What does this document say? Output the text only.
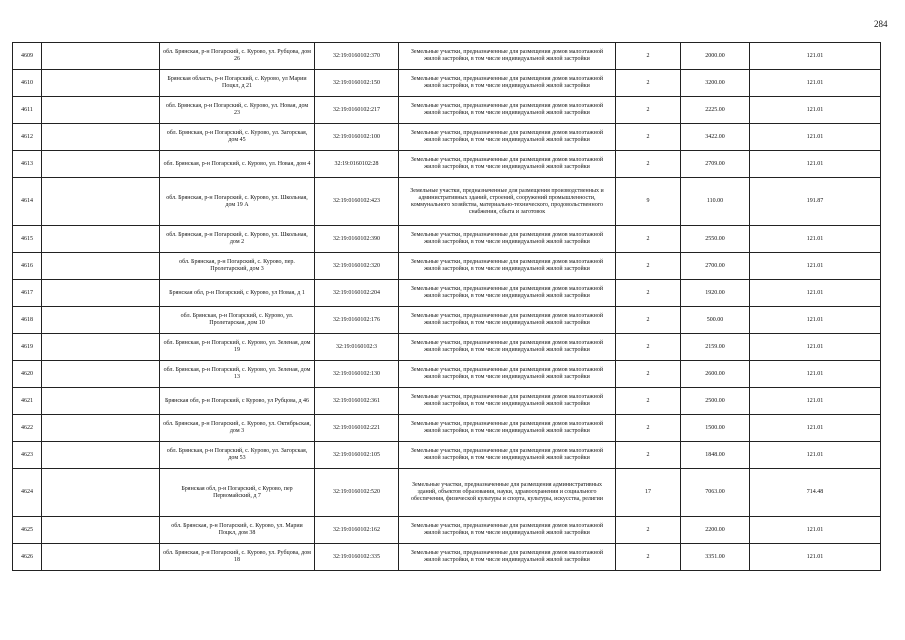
284
4609		обл. Брянская, р-н Погарский, с. Курово, ул. Рубцова, дом 26	32:19:0160102:370	Земельные участки, предназначенные для размещения домов малоэтажной жилой застройки, в том числе индивидуальной жилой застройки	2	2000.00	121.01	
4610		Брянская область, р-н Погарский, с. Курово, ул Марии Поцкл, д 21	32:19:0160102:150	Земельные участки, предназначенные для размещения домов малоэтажной жилой застройки, в том числе индивидуальной жилой застройки	2	3200.00	121.01	
4611		обл. Брянская, р-н Погарский, с. Курово, ул. Новая, дом 23	32:19:0160102:217	Земельные участки, предназначенные для размещения домов малоэтажной жилой застройки, в том числе индивидуальной жилой застройки	2	2225.00	121.01	
4612		обл. Брянская, р-н Погарский, с. Курово, ул. Загорская, дом 45	32:19:0160102:100	Земельные участки, предназначенные для размещения домов малоэтажной жилой застройки, в том числе индивидуальной жилой застройки	2	3422.00	121.01	
4613		обл. Брянская, р-н Погарский, с. Курово, ул. Новая, дом 4	32:19:0160102:28	Земельные участки, предназначенные для размещения домов малоэтажной жилой застройки, в том числе индивидуальной жилой застройки	2	2709.00	121.01	
4614		обл. Брянская, р-н Погарский, с. Курово, ул. Школьная, дом 19 А	32:19:0160102:423	Земельные участки, предназначенные для размещения производственных и административных зданий, строений, сооружений промышленности, коммунального хозяйства, материально-технического, продовольственного снабжения, сбыта и заготовок	9	110.00	191.87	
4615		обл. Брянская, р-н Погарский, с. Курово, ул. Школьная, дом 2	32:19:0160102:390	Земельные участки, предназначенные для размещения домов малоэтажной жилой застройки, в том числе индивидуальной жилой застройки	2	2550.00	121.01	
4616		обл. Брянская, р-н Погарский, с. Курово, пер. Пролетарский, дом 3	32:19:0160102:320	Земельные участки, предназначенные для размещения домов малоэтажной жилой застройки, в том числе индивидуальной жилой застройки	2	2700.00	121.01	
4617		Брянская обл, р-н Погарский, с Курово, ул Новая, д 1	32:19:0160102:204	Земельные участки, предназначенные для размещения домов малоэтажной жилой застройки, в том числе индивидуальной жилой застройки	2	1920.00	121.01	
4618		обл. Брянская, р-н Погарский, с. Курово, ул. Пролетарская, дом 10	32:19:0160102:176	Земельные участки, предназначенные для размещения домов малоэтажной жилой застройки, в том числе индивидуальной жилой застройки	2	500.00	121.01	
4619		обл. Брянская, р-н Погарский, с. Курово, ул. Зеленая, дом 19	32:19:0160102:3	Земельные участки, предназначенные для размещения домов малоэтажной жилой застройки, в том числе индивидуальной жилой застройки	2	2159.00	121.01	
4620		обл. Брянская, р-н Погарский, с. Курово, ул. Зеленая, дом 13	32:19:0160102:130	Земельные участки, предназначенные для размещения домов малоэтажной жилой застройки, в том числе индивидуальной жилой застройки	2	2600.00	121.01	
4621		Брянская обл, р-н Погарский, с Курово, ул Рубцова, д 46	32:19:0160102:361	Земельные участки, предназначенные для размещения домов малоэтажной жилой застройки, в том числе индивидуальной жилой застройки	2	2500.00	121.01	
4622		обл. Брянская, р-н Погарский, с. Курово, ул. Октябрьская, дом 3	32:19:0160102:221	Земельные участки, предназначенные для размещения домов малоэтажной жилой застройки, в том числе индивидуальной жилой застройки	2	1500.00	121.01	
4623		обл. Брянская, р-н Погарский, с. Курово, ул. Загорская, дом 53	32:19:0160102:105	Земельные участки, предназначенные для размещения домов малоэтажной жилой застройки, в том числе индивидуальной жилой застройки	2	1848.00	121.01	
4624		Брянская обл, р-н Погарский, с Курово, пер Первомайский, д 7	32:19:0160102:520	Земельные участки, предназначенные для размещения административных зданий, объектов образования, науки, здравоохранения и социального обеспечения, физической культуры и спорта, культуры, искусства, религии	17	7063.00	714.48	
4625		обл. Брянская, р-н Погарский, с. Курово, ул. Марии Поцкл, дом 38	32:19:0160102:162	Земельные участки, предназначенные для размещения домов малоэтажной жилой застройки, в том числе индивидуальной жилой застройки	2	2200.00	121.01	
4626		обл. Брянская, р-н Погарский, с. Курово, ул. Рубцова, дом 18	32:19:0160102:335	Земельные участки, предназначенные для размещения домов малоэтажной жилой застройки, в том числе индивидуальной жилой застройки	2	3351.00	121.01	
